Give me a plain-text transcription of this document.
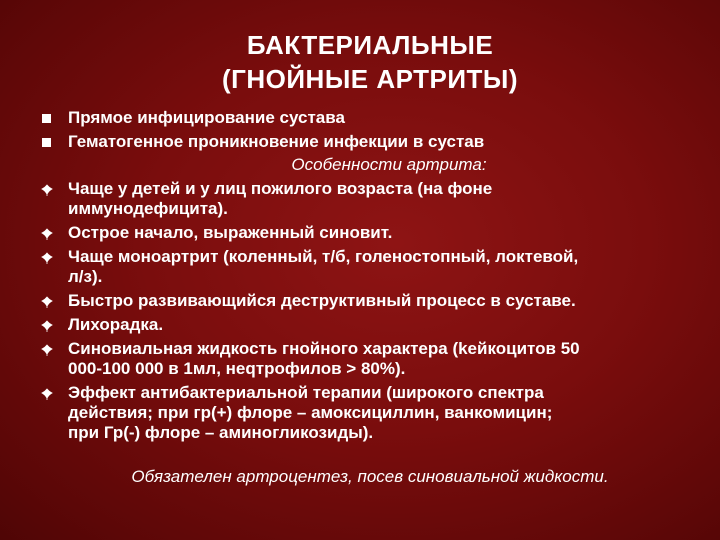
БАКТЕРИАЛЬНЫЕ
(ГНОЙНЫЕ АРТРИТЫ)
Прямое инфицирование сустава
Гематогенное проникновение инфекции в сустав
Особенности артрита:
Чаще у детей и у лиц пожилого возраста (на фоне
иммунодефицита).
Острое начало, выраженный синовит.
Чаще моноартрит (коленный, т/б, голеностопный, локтевой,
л/з).
Быстро развивающийся деструктивный процесс в суставе.
Лихорадка.
Синовиальная жидкость гнойного характера (kейкоцитов 50
000-100 000 в 1мл, неqтрофилов > 80%).
Эффект антибактериальной терапии (широкого спектра
действия; при гр(+) флоре – амоксициллин, ванкомицин;
при Гр(-) флоре – аминогликозиды).
Обязателен артроцентез, посев синовиальной жидкости.
